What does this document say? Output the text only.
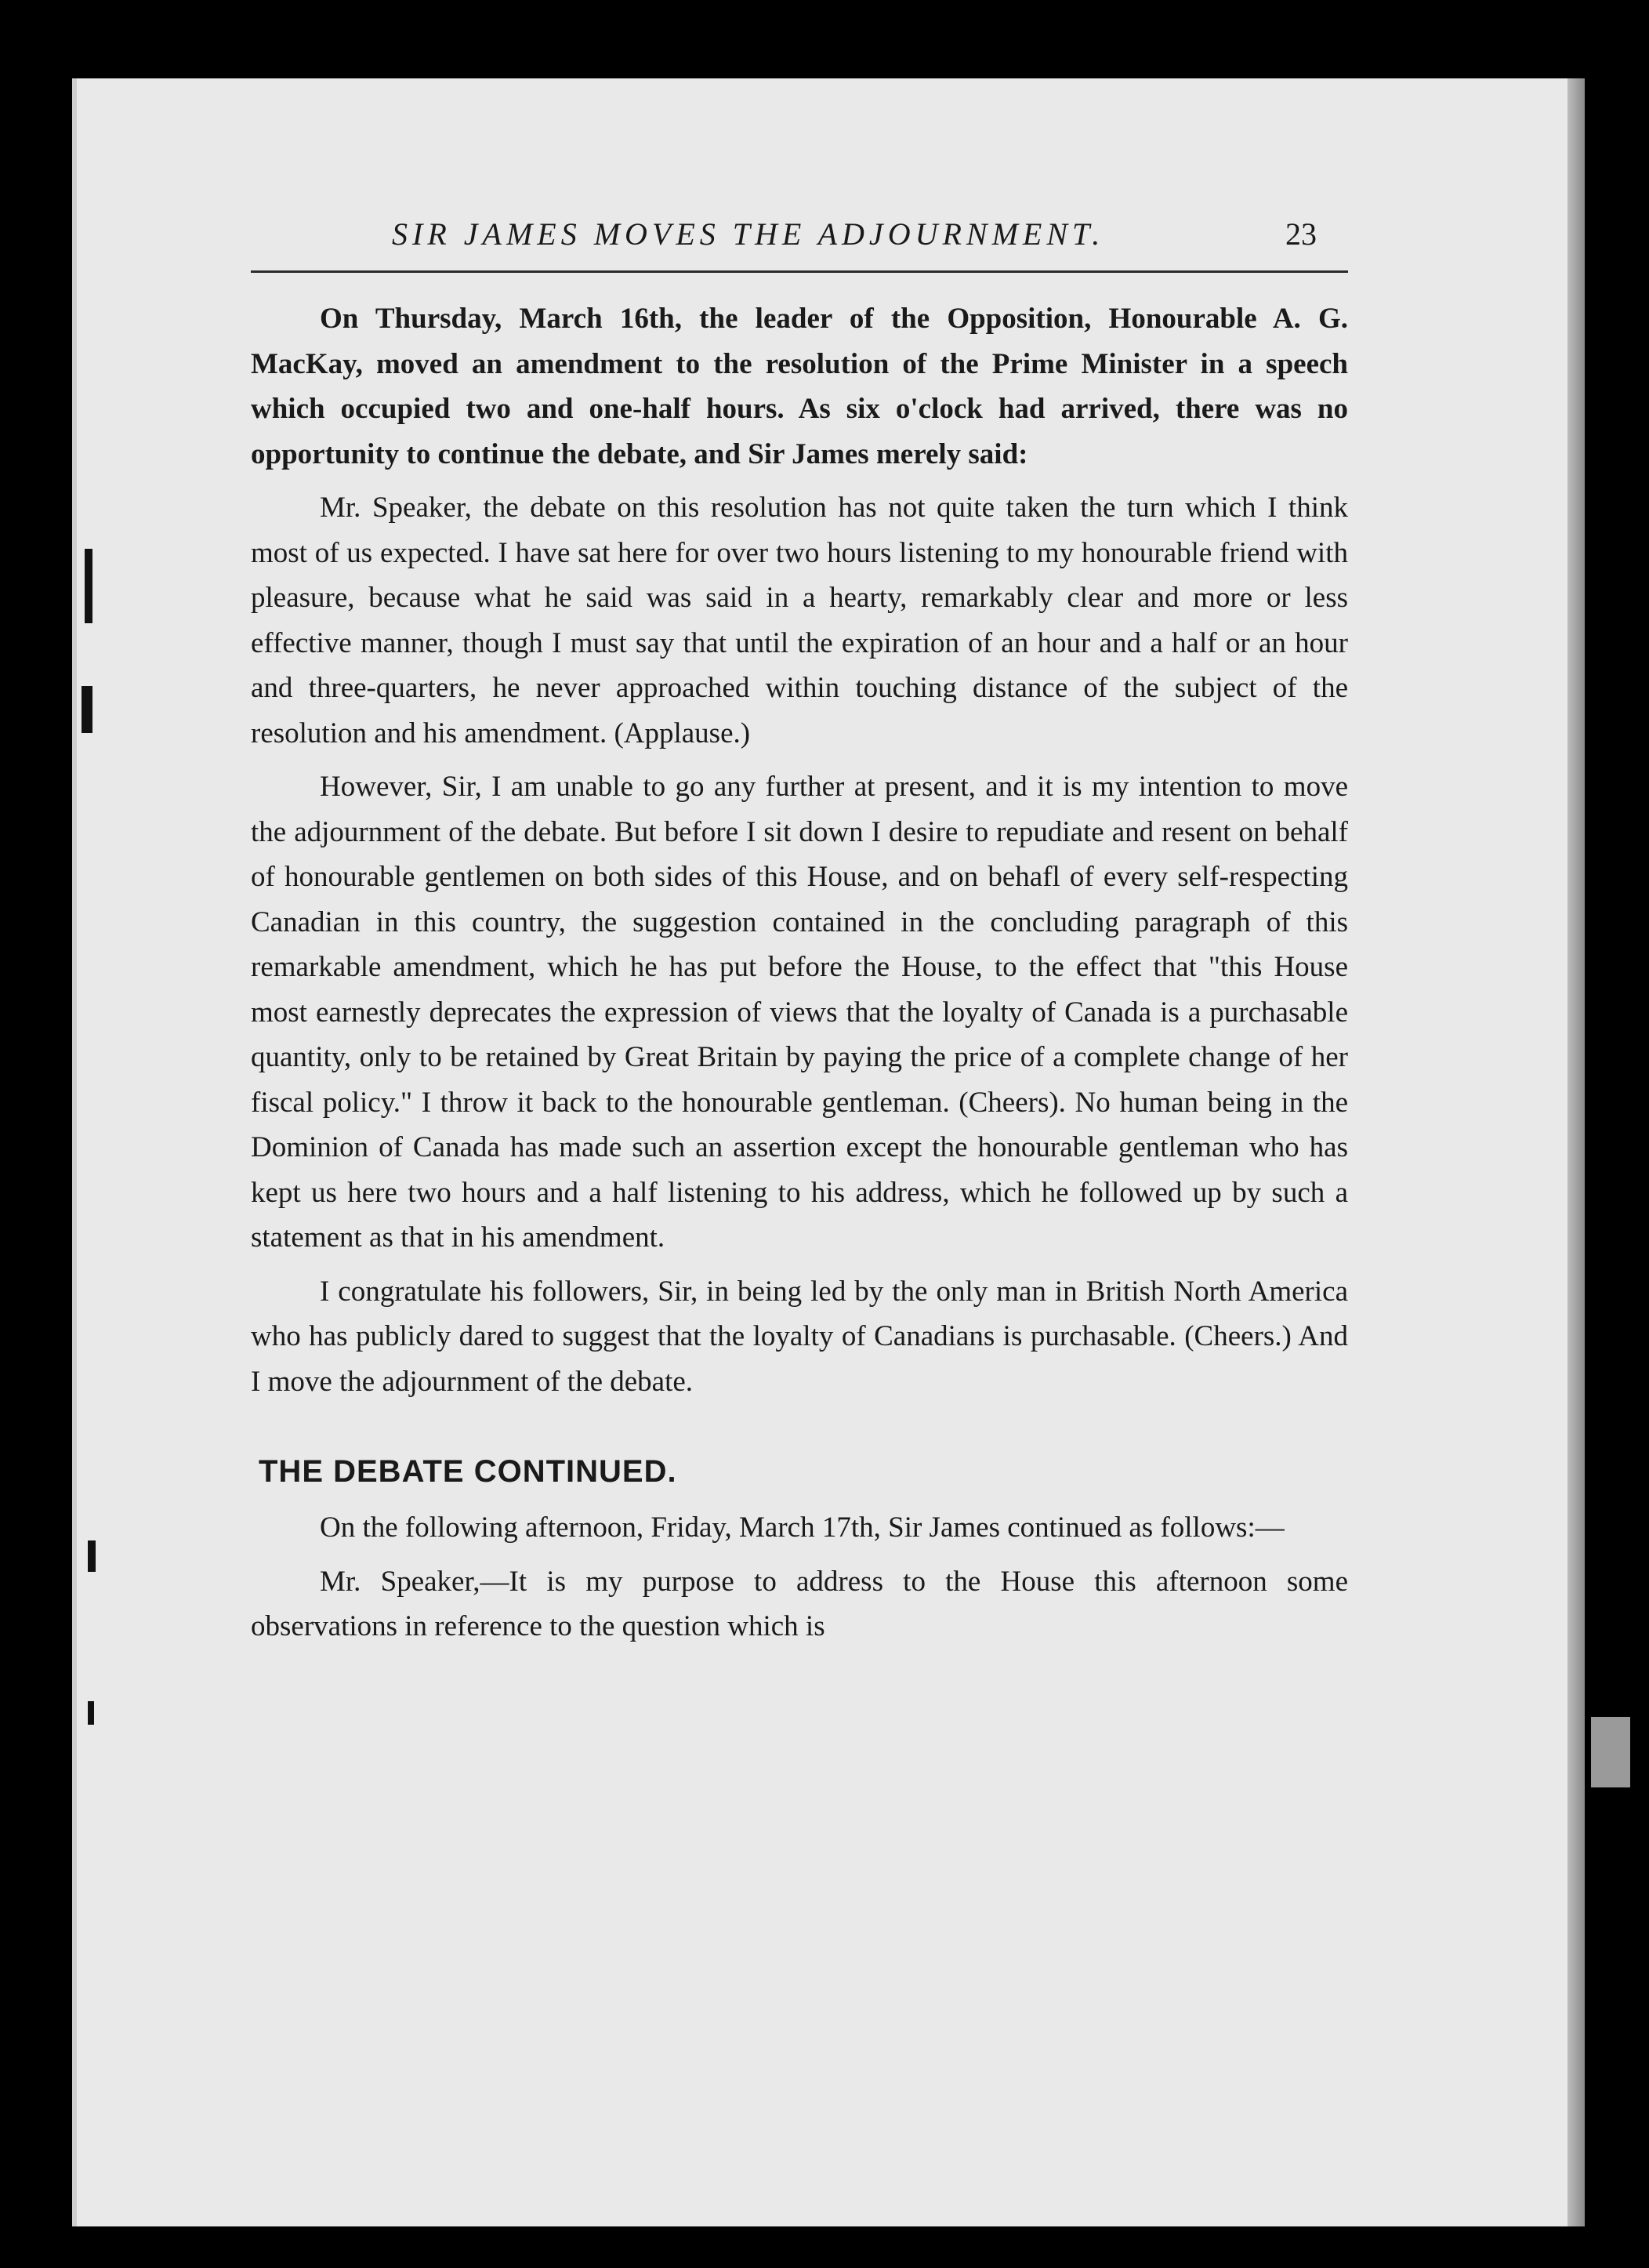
SIR JAMES MOVES THE ADJOURNMENT.	23

On Thursday, March 16th, the leader of the Opposition, Honourable A. G. MacKay, moved an amendment to the resolution of the Prime Minister in a speech which occupied two and one-half hours. As six o'clock had arrived, there was no opportunity to continue the debate, and Sir James merely said:

Mr. Speaker, the debate on this resolution has not quite taken the turn which I think most of us expected. I have sat here for over two hours listening to my honourable friend with pleasure, because what he said was said in a hearty, remarkably clear and more or less effective manner, though I must say that until the expiration of an hour and a half or an hour and three-quarters, he never approached within touching distance of the subject of the resolution and his amendment. (Applause.)

However, Sir, I am unable to go any further at present, and it is my intention to move the adjournment of the debate. But before I sit down I desire to repudiate and resent on behalf of honourable gentlemen on both sides of this House, and on behafl of every self-respecting Canadian in this country, the suggestion contained in the concluding paragraph of this remarkable amendment, which he has put before the House, to the effect that "this House most earnestly deprecates the expression of views that the loyalty of Canada is a purchasable quantity, only to be retained by Great Britain by paying the price of a complete change of her fiscal policy." I throw it back to the honourable gentleman. (Cheers). No human being in the Dominion of Canada has made such an assertion except the honourable gentleman who has kept us here two hours and a half listening to his address, which he followed up by such a statement as that in his amendment.

I congratulate his followers, Sir, in being led by the only man in British North America who has publicly dared to suggest that the loyalty of Canadians is purchasable. (Cheers.) And I move the adjournment of the debate.

THE DEBATE CONTINUED.

On the following afternoon, Friday, March 17th, Sir James continued as follows:—

Mr. Speaker,—It is my purpose to address to the House this afternoon some observations in reference to the question which is
